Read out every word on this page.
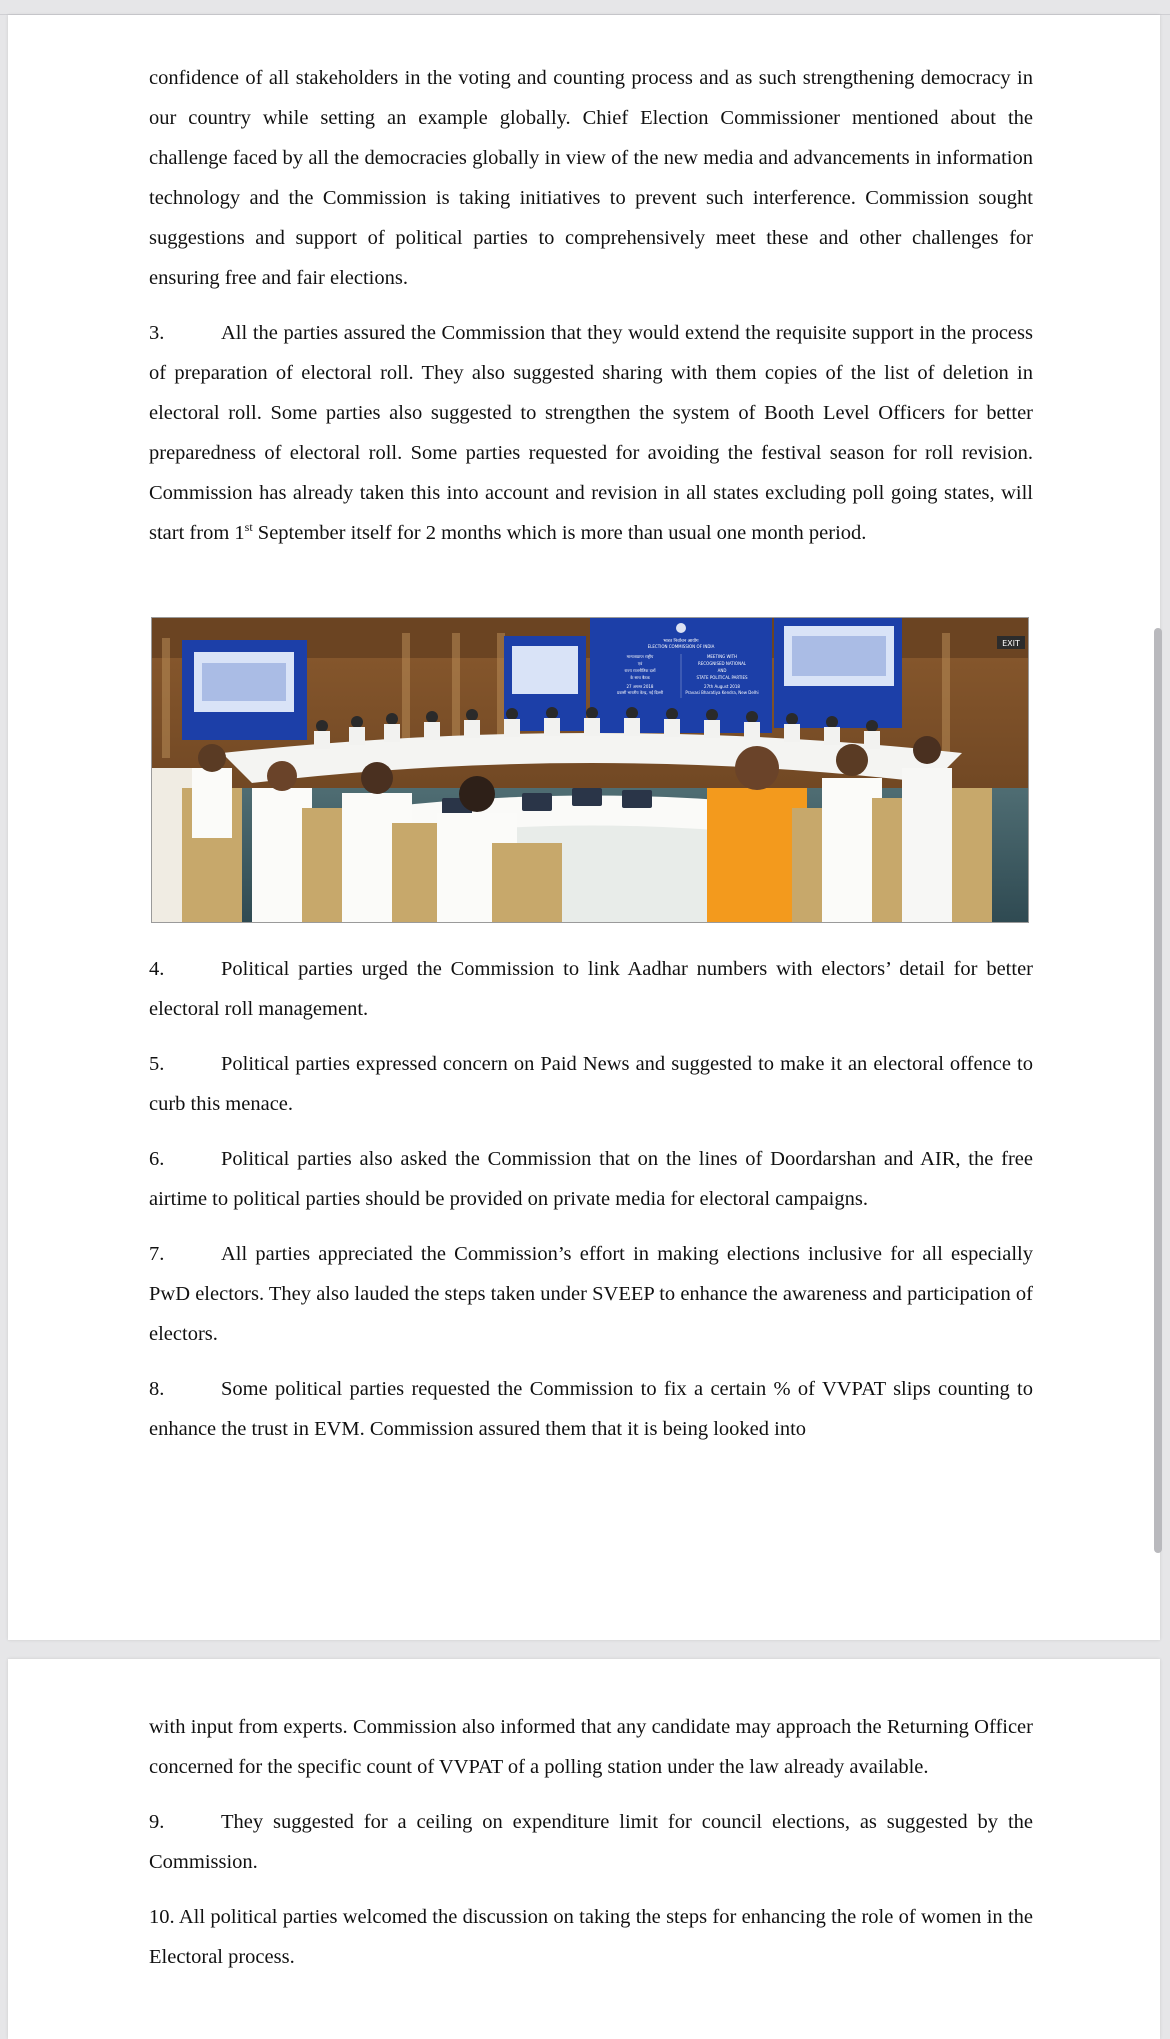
confidence of all stakeholders in the voting and counting process and as such strengthening democracy in our country while setting an example globally. Chief Election Commissioner mentioned about the challenge faced by all the democracies globally in view of the new media and advancements in information technology and the Commission is taking initiatives to prevent such interference. Commission sought suggestions and support of political parties to comprehensively meet these and other challenges for ensuring free and fair elections.

3.	All the parties assured the Commission that they would extend the requisite support in the process of preparation of electoral roll. They also suggested sharing with them copies of the list of deletion in electoral roll. Some parties also suggested to strengthen the system of Booth Level Officers for better preparedness of electoral roll. Some parties requested for avoiding the festival season for roll revision. Commission has already taken this into account and revision in all states excluding poll going states, will start from 1st September itself for 2 months which is more than usual one month period.

भारत निर्वाचन आयोग
ELECTION COMMISSION OF INDIA
मान्यताप्राप्त राष्ट्रीय
एवं
राज्य राजनीतिक दलों
के साथ बैठक
27 अगस्त 2018
प्रवासी भारतीय केन्द्र, नई दिल्ली
MEETING WITH
RECOGNISED NATIONAL
AND
STATE POLITICAL PARTIES
27th August 2018
Pravasi Bharatiya Kendra, New Delhi
EXIT

4.	Political parties urged the Commission to link Aadhar numbers with electors’ detail for better electoral roll management.

5.	Political parties expressed concern on Paid News and suggested to make it an electoral offence to curb this menace.

6.	Political parties also asked the Commission that on the lines of Doordarshan and AIR, the free airtime to political parties should be provided on private media for electoral campaigns.

7.	All parties appreciated the Commission’s effort in making elections inclusive for all especially PwD electors. They also lauded the steps taken under SVEEP to enhance the awareness and participation of electors.

8.	Some political parties requested the Commission to fix a certain % of VVPAT slips counting to enhance the trust in EVM. Commission assured them that it is being looked into

with input from experts. Commission also informed that any candidate may approach the Returning Officer concerned for the specific count of VVPAT of a polling station under the law already available.

9.	They suggested for a ceiling on expenditure limit for council elections, as suggested by the Commission.

10. All political parties welcomed the discussion on taking the steps for enhancing the role of women in the Electoral process.
